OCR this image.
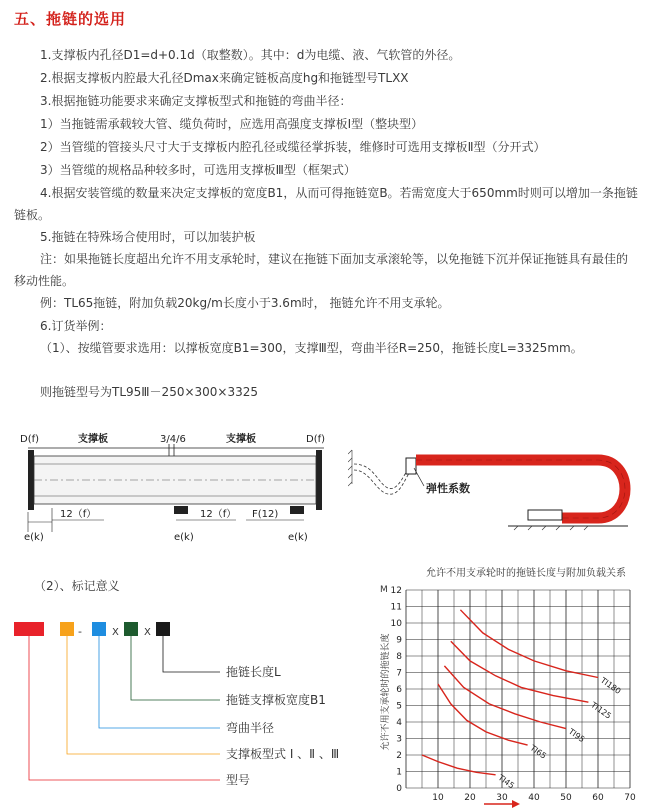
五、拖链的选用
1.支撑板内孔径D1=d+0.1d（取整数）。其中：d为电缆、液、气软管的外径。
2.根据支撑板内腔最大孔径Dmax来确定链板高度hg和拖链型号TLXX
3.根据拖链功能要求来确定支撑板型式和拖链的弯曲半径：
1）当拖链需承载较大管、缆负荷时，应选用高强度支撑板Ⅰ型（整块型）
2）当管缆的管接头尺寸大于支撑板内腔孔径或缆径掌拆装，维修时可选用支撑板Ⅱ型（分开式）
3）当管缆的规格品种较多时，可选用支撑板Ⅲ型（框架式）
4.根据安装管缆的数量来决定支撑板的宽度B1，从而可得拖链宽B。若需宽度大于650mm时则可以增加一条拖链链板。
5.拖链在特殊场合使用时，可以加装护板
注：如果拖链长度超出允许不用支承轮时，建议在拖链下面加支承滚轮等，以免拖链下沉并保证拖链具有最佳的移动性能。
例：TL65拖链，附加负载20kg/m长度小于3.6m时， 拖链允许不用支承轮。
6.订货举例：
（1）、按缆管要求选用：以撑板宽度B1=300，支撑Ⅲ型，弯曲半径R=250，拖链长度L=3325mm。
则拖链型号为TL95Ⅲ－250×300×3325
D(f)	D(f)
支撑板	支撑板
3/4/6
12（f）	12（f） F(12)
e(k)	e(k)	e(k)
弹性系数
（2）、标记意义
-	X	X
拖链长度L
拖链支撑板宽度B1
弯曲半径
支撑板型式 Ⅰ 、Ⅱ 、Ⅲ
型号
允许不用支承轮时的拖链长度与附加负载关系
M
允许不用支承轮时的拖链长度
0
1
2
3
4
5
6
7
8
9
10
11
12
10 20 30 40 50 60 70
TI180
TI125
TI95
TI65
TI45
